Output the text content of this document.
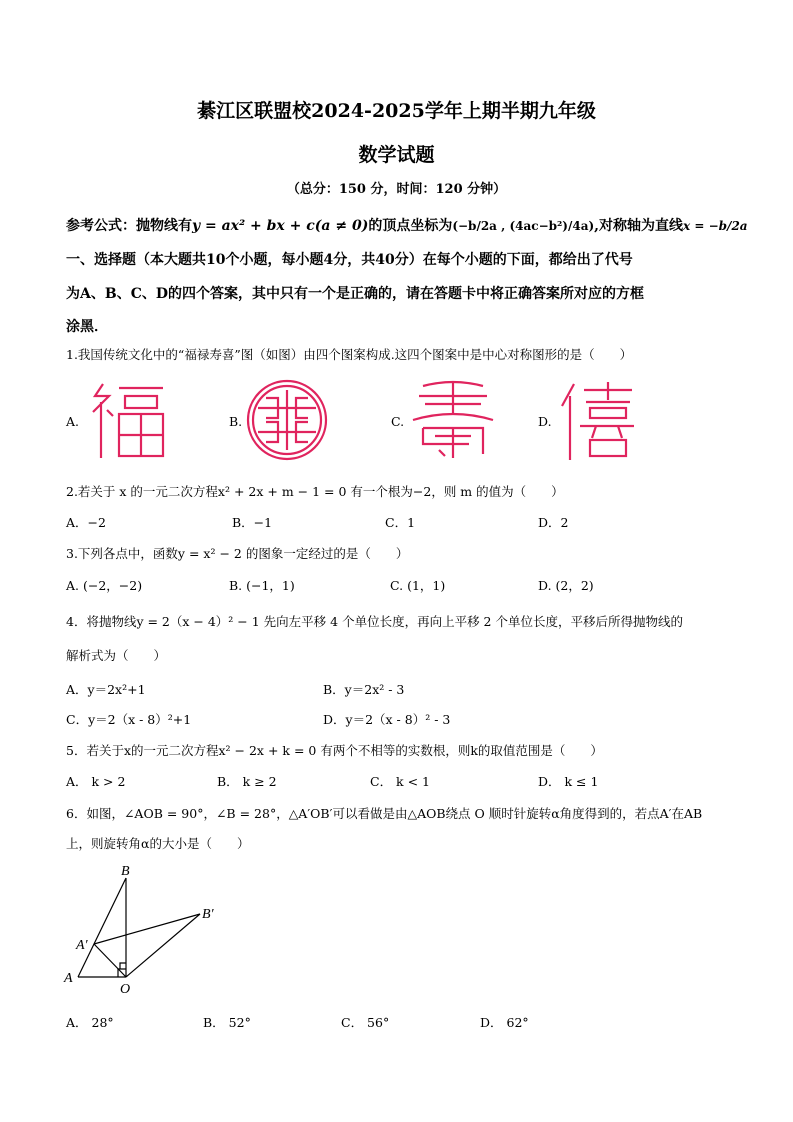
綦江区联盟校2024-2025学年上期半期九年级
数学试题
（总分：150 分，时间：120 分钟）
参考公式：抛物线有y = ax² + bx + c(a ≠ 0)的顶点坐标为(−b/2a , (4ac−b²)/4a),对称轴为直线x = −b/2a
一、选择题（本大题共10个小题，每小题4分，共40分）在每个小题的下面，都给出了代号
为A、B、C、D的四个答案，其中只有一个是正确的，请在答题卡中将正确答案所对应的方框
涂黑．
1.我国传统文化中的“福禄寿喜”图（如图）由四个图案构成.这四个图案中是中心对称图形的是（　　）
A.	B.	C.	D.
2.若关于 x 的一元二次方程x² + 2x + m − 1 = 0 有一个根为−2，则 m 的值为（　　）
A．−2	B．−1	C．1	D．2
3.下列各点中，函数y = x² − 2 的图象一定经过的是（　　）
A. (−2，−2)	B. (−1，1)	C. (1，1)	D. (2，2)
4．将抛物线y = 2（x − 4）² − 1 先向左平移 4 个单位长度，再向上平移 2 个单位长度，平移后所得抛物线的
解析式为（　　）
A．y＝2x²+1	B．y＝2x² - 3
C．y＝2（x - 8）²+1	D．y＝2（x - 8）² - 3
5．若关于x的一元二次方程x² − 2x + k = 0 有两个不相等的实数根，则k的取值范围是（　　）
A． k > 2	B． k ≥ 2	C． k < 1	D． k ≤ 1
6．如图，∠AOB = 90°，∠B = 28°，△A′OB′可以看做是由△AOB绕点 O 顺时针旋转α角度得到的，若点A′在AB
上，则旋转角α的大小是（　　）
B
B′
A′
A
O
A． 28°	B． 52°	C． 56°	D． 62°
